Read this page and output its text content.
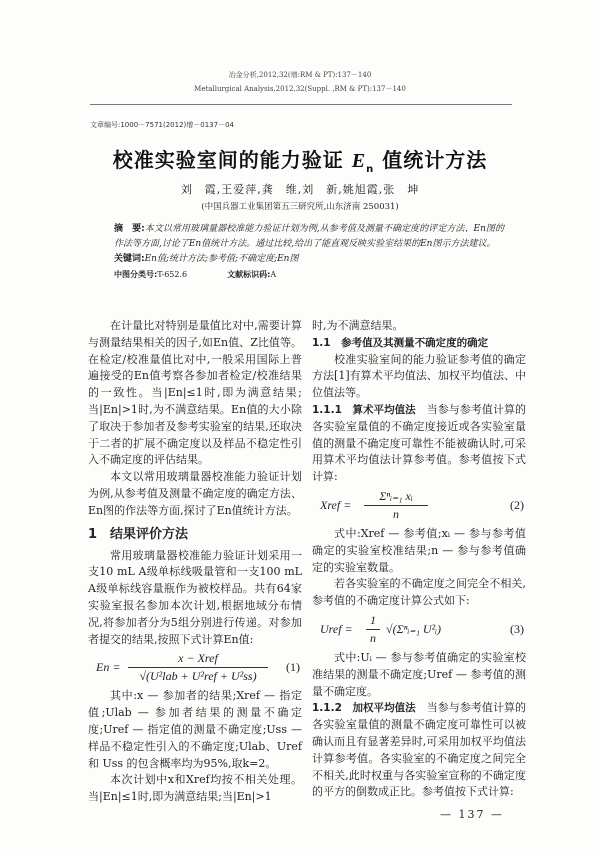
冶金分析,2012,32(增:RM & PT):137－140
Metallurgical Analysis,2012,32(Suppl. ,RM & PT):137－140
文章编号:1000－7571(2012)增－0137－04
校准实验室间的能力验证 $E_n$ 值统计方法
刘　霞,王爱萍,龚　维,刘　新,姚旭霞,张　坤
(中国兵器工业集团第五三研究所,山东济南 250031)
摘　要:本文以常用玻璃量器校准能力验证计划为例,从参考值及测量不确定度的评定方法、En图的作法等方面,讨论了En值统计方法。通过比较,给出了能直观反映实验室结果的En图示方法建议。
关键词:En值;统计方法;参考值;不确定度;En图
中图分类号:T-652.6	文献标识码:A

在计量比对特别是量值比对中,需要计算与测量结果相关的因子,如En值、Z比值等。在检定/校准量值比对中,一般采用国际上普遍接受的En值考察各参加者检定/校准结果的一致性。当|En|≤1时,即为满意结果;当|En|>1时,为不满意结果。En值的大小除了取决于参加者及参考实验室的结果,还取决于二者的扩展不确定度以及样品不稳定性引入不确定度的评估结果。

本文以常用玻璃量器校准能力验证计划为例,从参考值及测量不确定度的确定方法、En图的作法等方面,探讨了En值统计方法。

1　结果评价方法

常用玻璃量器校准能力验证计划采用一支10 mL A级单标线吸量管和一支100 mL A级单标线容量瓶作为被校样品。共有64家实验室报名参加本次计划,根据地域分布情况,将参加者分为5组分别进行传递。对参加者提交的结果,按照下式计算En值:

En =
x − Xref
√(U²lab + U²ref + U²ss)
(1)

其中:x — 参加者的结果;Xref — 指定值;Ulab — 参加者结果的测量不确定度;Uref — 指定值的测量不确定度;Uss — 样品不稳定性引入的不确定度;Ulab、Uref 和 Uss 的包含概率均为95%,取k=2。

本次计划中x和Xref均按不相关处理。当|En|≤1时,即为满意结果;当|En|>1

时,为不满意结果。

1.1　参考值及其测量不确定度的确定

校准实验室间的能力验证参考值的确定方法[1]有算术平均值法、加权平均值法、中位值法等。

1.1.1　算术平均值法　 当参与参考值计算的各实验室量值的不确定度接近或各实验室量值的测量不确定度可靠性不能被确认时,可采用算术平均值法计算参考值。参考值按下式计算:

Xref =
Σⁿᵢ₌₁ xᵢ
n
(2)

式中:Xref — 参考值;xᵢ — 参与参考值确定的实验室校准结果;n — 参与参考值确定的实验室数量。

若各实验室的不确定度之间完全不相关,参考值的不确定度计算公式如下:

Uref = $\frac{1}{n}$ √(Σⁿᵢ₌₁ U²ᵢ)	(3)

式中:Uᵢ — 参与参考值确定的实验室校准结果的测量不确定度;Uref — 参考值的测量不确定度。

1.1.2　加权平均值法　 当参与参考值计算的各实验室量值的测量不确定度可靠性可以被确认而且有显著差异时,可采用加权平均值法计算参考值。各实验室的不确定度之间完全不相关,此时权重与各实验室宣称的不确定度的平方的倒数成正比。参考值按下式计算:

— 137 —
